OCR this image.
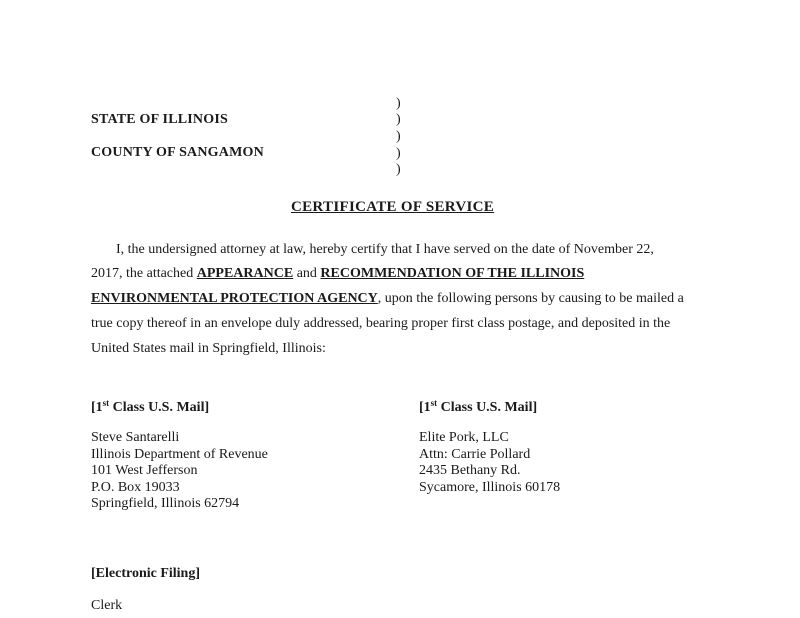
)
STATE OF ILLINOIS	)
)
COUNTY OF SANGAMON	)
)
CERTIFICATE OF SERVICE
I, the undersigned attorney at law, hereby certify that I have served on the date of November 22,
2017, the attached APPEARANCE and RECOMMENDATION OF THE ILLINOIS
ENVIRONMENTAL PROTECTION AGENCY, upon the following persons by causing to be mailed a
true copy thereof in an envelope duly addressed, bearing proper first class postage, and deposited in the
United States mail in Springfield, Illinois:
[1st Class U.S. Mail]
Steve Santarelli
Illinois Department of Revenue
101 West Jefferson
P.O. Box 19033
Springfield, Illinois 62794
[1st Class U.S. Mail]
Elite Pork, LLC
Attn: Carrie Pollard
2435 Bethany Rd.
Sycamore, Illinois 60178
[Electronic Filing]
Clerk
